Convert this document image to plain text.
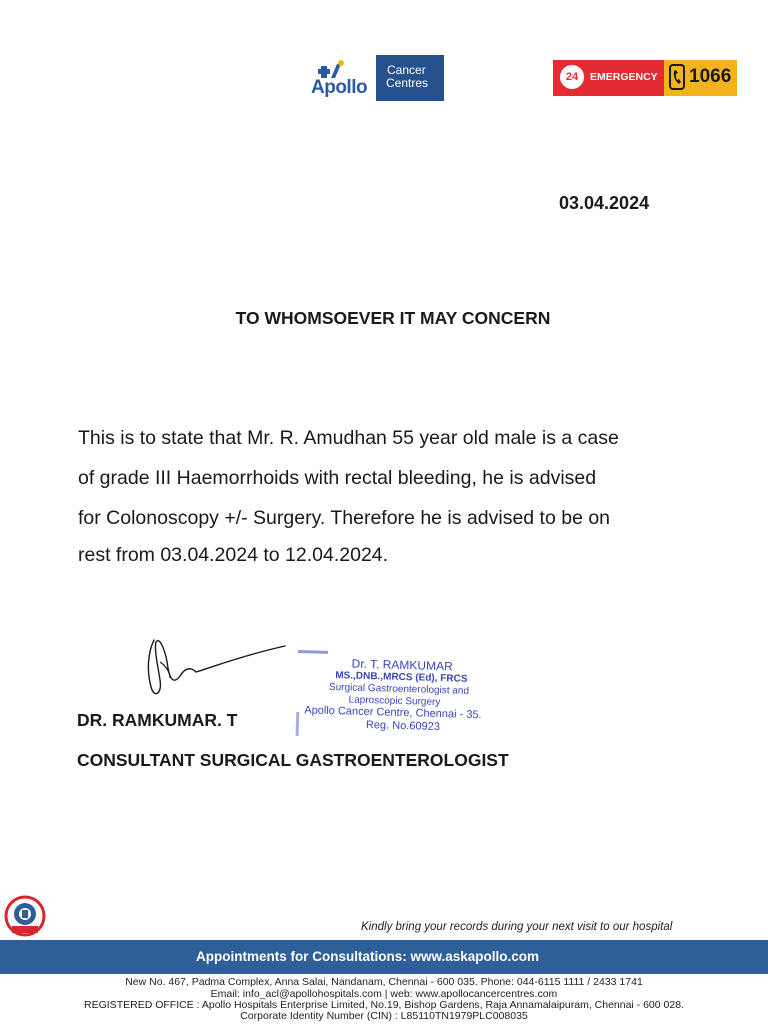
Apollo
Cancer
Centres	24	EMERGENCY 1066
03.04.2024
TO WHOMSOEVER IT MAY CONCERN
This is to state that Mr. R. Amudhan 55 year old male is a case
of grade III Haemorrhoids with rectal bleeding, he is advised
for Colonoscopy +/- Surgery. Therefore he is advised to be on
rest from 03.04.2024 to 12.04.2024.
Dr. T. RAMKUMAR
MS.,DNB.,MRCS (Ed), FRCS
Surgical Gastroenterologist and
Laproscopic Surgery
Apollo Cancer Centre, Chennai - 35.
Reg. No.60923
DR. RAMKUMAR. T
CONSULTANT SURGICAL GASTROENTEROLOGIST
Kindly bring your records during your next visit to our hospital
Appointments for Consultations: www.askapollo.com
New No. 467, Padma Complex, Anna Salai, Nandanam, Chennai - 600 035. Phone: 044-6115 1111 / 2433 1741
Email: info_acl@apollohospitals.com | web: www.apollocancercentres.com
REGISTERED OFFICE : Apollo Hospitals Enterprise Limited, No.19, Bishop Gardens, Raja Annamalaipuram, Chennai - 600 028.
Corporate Identity Number (CIN) : L85110TN1979PLC008035
